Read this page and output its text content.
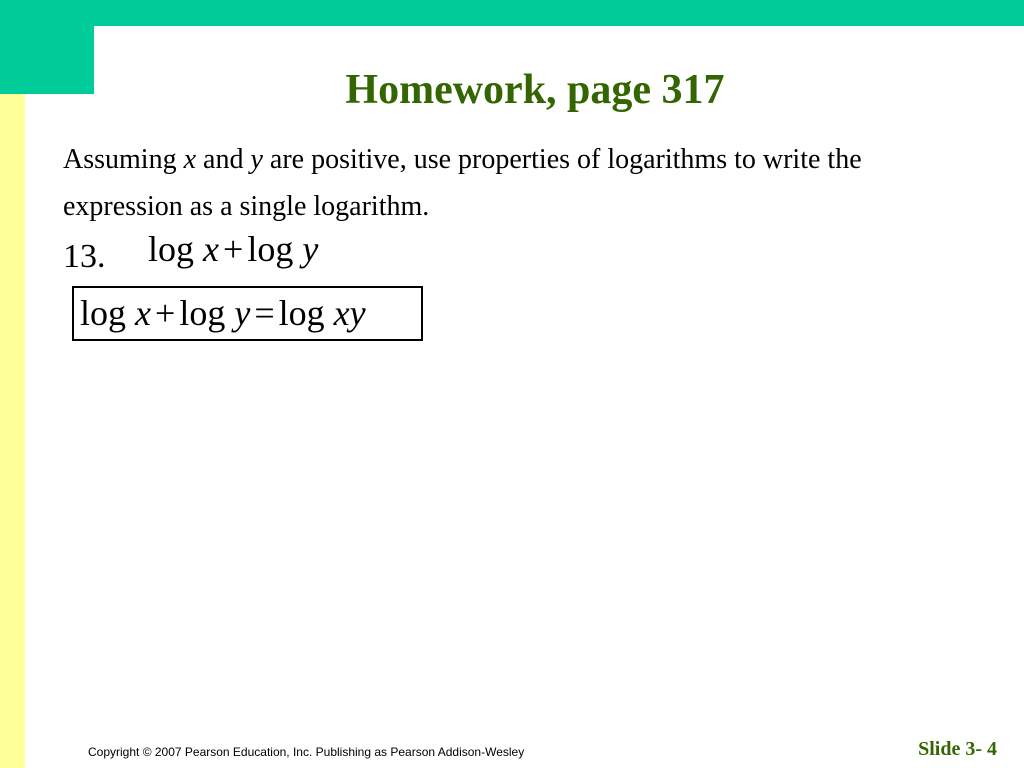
Homework, page 317
Assuming x and y are positive, use properties of logarithms to write the expression as a single logarithm.
13. log x + log y
log x + log y = log xy
Copyright © 2007 Pearson Education, Inc. Publishing as Pearson Addison-Wesley	Slide 3- 4
